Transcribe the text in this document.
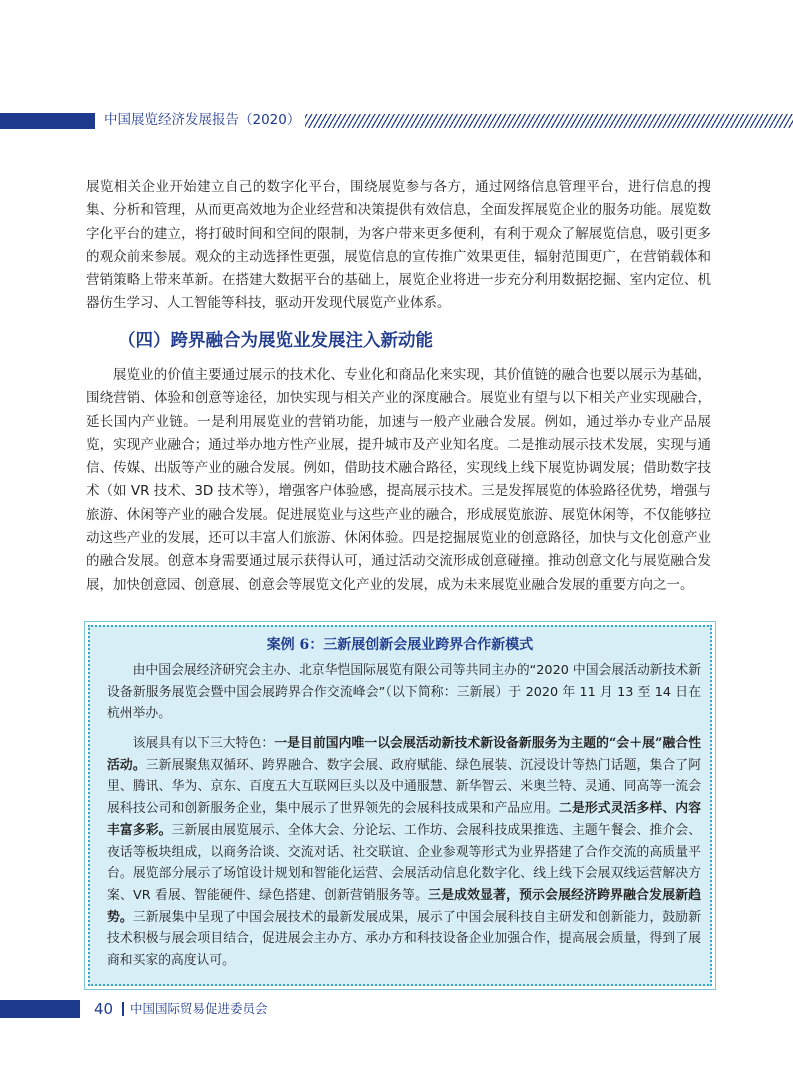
中国展览经济发展报告（2020）
展览相关企业开始建立自己的数字化平台，围绕展览参与各方，通过网络信息管理平台，进行信息的搜集、分析和管理，从而更高效地为企业经营和决策提供有效信息，全面发挥展览企业的服务功能。展览数字化平台的建立，将打破时间和空间的限制，为客户带来更多便利，有利于观众了解展览信息，吸引更多的观众前来参展。观众的主动选择性更强，展览信息的宣传推广效果更佳，辐射范围更广，在营销载体和营销策略上带来革新。在搭建大数据平台的基础上，展览企业将进一步充分利用数据挖掘、室内定位、机器仿生学习、人工智能等科技，驱动开发现代展览产业体系。
（四）跨界融合为展览业发展注入新动能
展览业的价值主要通过展示的技术化、专业化和商品化来实现，其价值链的融合也要以展示为基础，围绕营销、体验和创意等途径，加快实现与相关产业的深度融合。展览业有望与以下相关产业实现融合，延长国内产业链。一是利用展览业的营销功能，加速与一般产业融合发展。例如，通过举办专业产品展览，实现产业融合；通过举办地方性产业展，提升城市及产业知名度。二是推动展示技术发展，实现与通信、传媒、出版等产业的融合发展。例如，借助技术融合路径，实现线上线下展览协调发展；借助数字技术（如 VR 技术、3D 技术等），增强客户体验感，提高展示技术。三是发挥展览的体验路径优势，增强与旅游、休闲等产业的融合发展。促进展览业与这些产业的融合，形成展览旅游、展览休闲等，不仅能够拉动这些产业的发展，还可以丰富人们旅游、休闲体验。四是挖掘展览业的创意路径，加快与文化创意产业的融合发展。创意本身需要通过展示获得认可，通过活动交流形成创意碰撞。推动创意文化与展览融合发展，加快创意园、创意展、创意会等展览文化产业的发展，成为未来展览业融合发展的重要方向之一。
案例 6：三新展创新会展业跨界合作新模式
由中国会展经济研究会主办、北京华恺国际展览有限公司等共同主办的“2020 中国会展活动新技术新设备新服务展览会暨中国会展跨界合作交流峰会”（以下简称：三新展）于 2020 年 11 月 13 至 14 日在杭州举办。
该展具有以下三大特色：一是目前国内唯一以会展活动新技术新设备新服务为主题的“会＋展”融合性活动。三新展聚焦双循环、跨界融合、数字会展、政府赋能、绿色展装、沉浸设计等热门话题，集合了阿里、腾讯、华为、京东、百度五大互联网巨头以及中通服慧、新华智云、米奥兰特、灵通、同高等一流会展科技公司和创新服务企业，集中展示了世界领先的会展科技成果和产品应用。二是形式灵活多样、内容丰富多彩。三新展由展览展示、全体大会、分论坛、工作坊、会展科技成果推选、主题午餐会、推介会、夜话等板块组成，以商务洽谈、交流对话、社交联谊、企业参观等形式为业界搭建了合作交流的高质量平台。展览部分展示了场馆设计规划和智能化运营、会展活动信息化数字化、线上线下会展双线运营解决方案、VR 看展、智能硬件、绿色搭建、创新营销服务等。三是成效显著，预示会展经济跨界融合发展新趋势。三新展集中呈现了中国会展技术的最新发展成果，展示了中国会展科技自主研发和创新能力，鼓励新技术积极与展会项目结合，促进展会主办方、承办方和科技设备企业加强合作，提高展会质量，得到了展商和买家的高度认可。
40 中国国际贸易促进委员会
